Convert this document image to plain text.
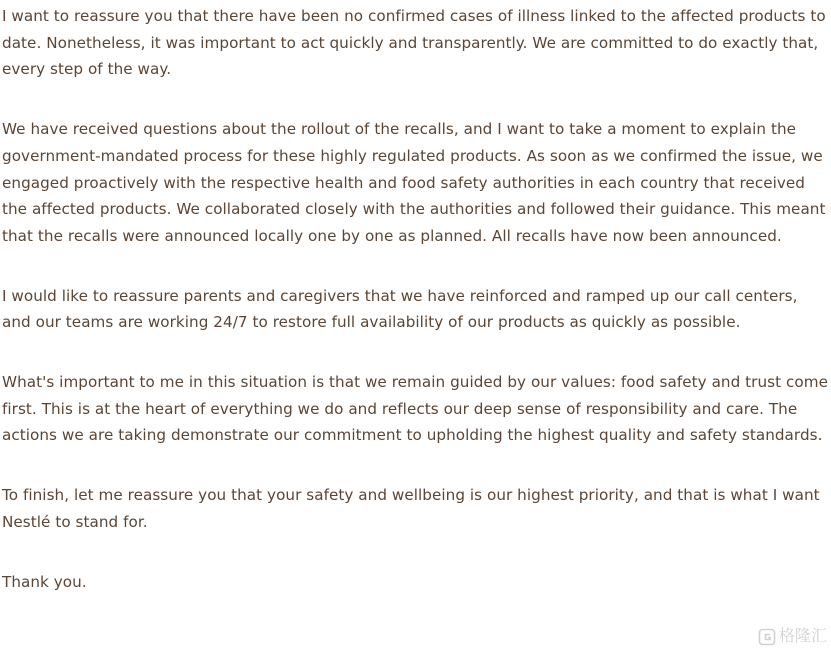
I want to reassure you that there have been no confirmed cases of illness linked to the affected products to date. Nonetheless, it was important to act quickly and transparently. We are committed to do exactly that, every step of the way.

We have received questions about the rollout of the recalls, and I want to take a moment to explain the government-mandated process for these highly regulated products. As soon as we confirmed the issue, we engaged proactively with the respective health and food safety authorities in each country that received the affected products. We collaborated closely with the authorities and followed their guidance. This meant that the recalls were announced locally one by one as planned. All recalls have now been announced.

I would like to reassure parents and caregivers that we have reinforced and ramped up our call centers, and our teams are working 24/7 to restore full availability of our products as quickly as possible.

What's important to me in this situation is that we remain guided by our values: food safety and trust come first. This is at the heart of everything we do and reflects our deep sense of responsibility and care. The actions we are taking demonstrate our commitment to upholding the highest quality and safety standards.

To finish, let me reassure you that your safety and wellbeing is our highest priority, and that is what I want Nestlé to stand for.

Thank you.

格隆汇
